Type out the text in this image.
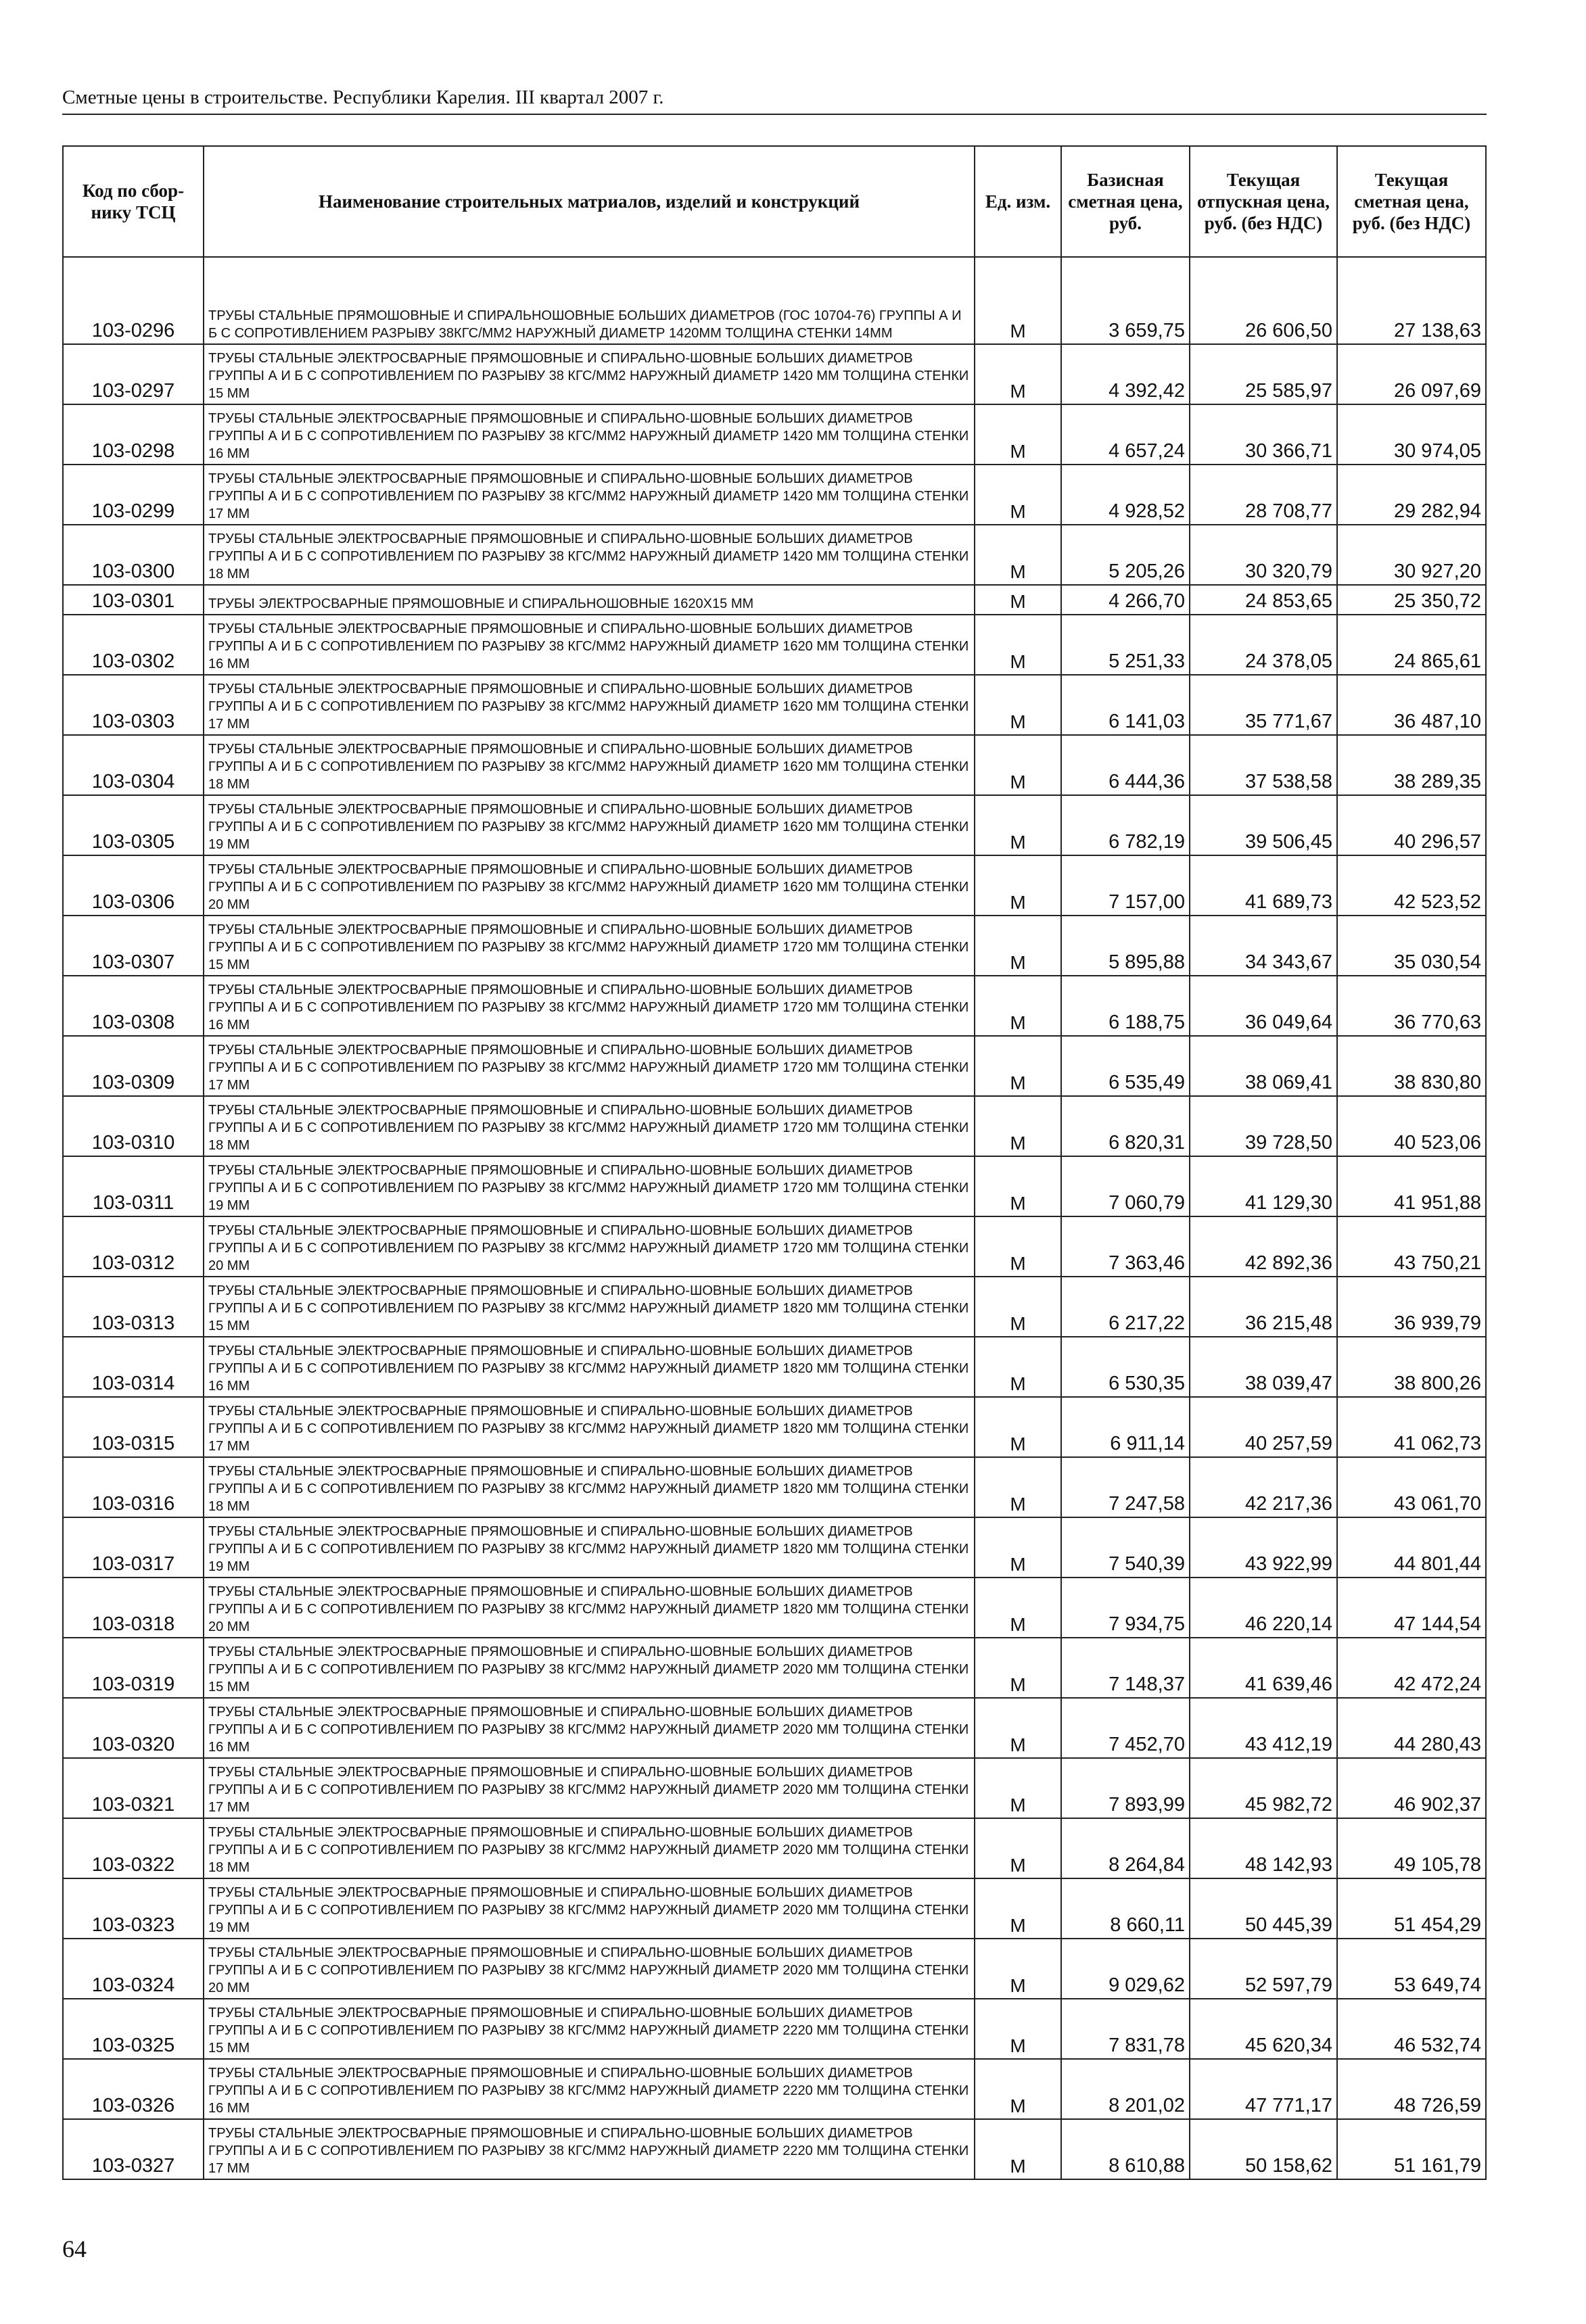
Сметные цены в строительстве. Республики Карелия. III квартал 2007 г.
Код по сбор-нику ТСЦ	Наименование строительных матриалов, изделий и конструкций	Ед. изм.	Базисная сметная цена, руб.	Текущая отпускная цена, руб. (без НДС)	Текущая сметная цена, руб. (без НДС)
103-0296	ТРУБЫ СТАЛЬНЫЕ ПРЯМОШОВНЫЕ И СПИРАЛЬНОШОВНЫЕ БОЛЬШИХ ДИАМЕТРОВ (ГОС 10704-76) ГРУППЫ А И Б С СОПРОТИВЛЕНИЕМ РАЗРЫВУ 38КГС/ММ2 НАРУЖНЫЙ ДИАМЕТР 1420ММ ТОЛЩИНА СТЕНКИ 14ММ	М	3 659,75	26 606,50	27 138,63
103-0297	ТРУБЫ СТАЛЬНЫЕ ЭЛЕКТРОСВАРНЫЕ ПРЯМОШОВНЫЕ И СПИРАЛЬНО-ШОВНЫЕ БОЛЬШИХ ДИАМЕТРОВ ГРУППЫ А И Б С СОПРОТИВЛЕНИЕМ ПО РАЗРЫВУ 38 КГС/ММ2 НАРУЖНЫЙ ДИАМЕТР 1420 ММ ТОЛЩИНА СТЕНКИ 15 ММ	М	4 392,42	25 585,97	26 097,69
103-0298	ТРУБЫ СТАЛЬНЫЕ ЭЛЕКТРОСВАРНЫЕ ПРЯМОШОВНЫЕ И СПИРАЛЬНО-ШОВНЫЕ БОЛЬШИХ ДИАМЕТРОВ ГРУППЫ А И Б С СОПРОТИВЛЕНИЕМ ПО РАЗРЫВУ 38 КГС/ММ2 НАРУЖНЫЙ ДИАМЕТР 1420 ММ ТОЛЩИНА СТЕНКИ 16 ММ	М	4 657,24	30 366,71	30 974,05
103-0299	ТРУБЫ СТАЛЬНЫЕ ЭЛЕКТРОСВАРНЫЕ ПРЯМОШОВНЫЕ И СПИРАЛЬНО-ШОВНЫЕ БОЛЬШИХ ДИАМЕТРОВ ГРУППЫ А И Б С СОПРОТИВЛЕНИЕМ ПО РАЗРЫВУ 38 КГС/ММ2 НАРУЖНЫЙ ДИАМЕТР 1420 ММ ТОЛЩИНА СТЕНКИ 17 ММ	М	4 928,52	28 708,77	29 282,94
103-0300	ТРУБЫ СТАЛЬНЫЕ ЭЛЕКТРОСВАРНЫЕ ПРЯМОШОВНЫЕ И СПИРАЛЬНО-ШОВНЫЕ БОЛЬШИХ ДИАМЕТРОВ ГРУППЫ А И Б С СОПРОТИВЛЕНИЕМ ПО РАЗРЫВУ 38 КГС/ММ2 НАРУЖНЫЙ ДИАМЕТР 1420 ММ ТОЛЩИНА СТЕНКИ 18 ММ	М	5 205,26	30 320,79	30 927,20
103-0301	ТРУБЫ ЭЛЕКТРОСВАРНЫЕ ПРЯМОШОВНЫЕ И СПИРАЛЬНОШОВНЫЕ 1620Х15 ММ	М	4 266,70	24 853,65	25 350,72
103-0302	ТРУБЫ СТАЛЬНЫЕ ЭЛЕКТРОСВАРНЫЕ ПРЯМОШОВНЫЕ И СПИРАЛЬНО-ШОВНЫЕ БОЛЬШИХ ДИАМЕТРОВ ГРУППЫ А И Б С СОПРОТИВЛЕНИЕМ ПО РАЗРЫВУ 38 КГС/ММ2 НАРУЖНЫЙ ДИАМЕТР 1620 ММ ТОЛЩИНА СТЕНКИ 16 ММ	М	5 251,33	24 378,05	24 865,61
103-0303	ТРУБЫ СТАЛЬНЫЕ ЭЛЕКТРОСВАРНЫЕ ПРЯМОШОВНЫЕ И СПИРАЛЬНО-ШОВНЫЕ БОЛЬШИХ ДИАМЕТРОВ ГРУППЫ А И Б С СОПРОТИВЛЕНИЕМ ПО РАЗРЫВУ 38 КГС/ММ2 НАРУЖНЫЙ ДИАМЕТР 1620 ММ ТОЛЩИНА СТЕНКИ 17 ММ	М	6 141,03	35 771,67	36 487,10
103-0304	ТРУБЫ СТАЛЬНЫЕ ЭЛЕКТРОСВАРНЫЕ ПРЯМОШОВНЫЕ И СПИРАЛЬНО-ШОВНЫЕ БОЛЬШИХ ДИАМЕТРОВ ГРУППЫ А И Б С СОПРОТИВЛЕНИЕМ ПО РАЗРЫВУ 38 КГС/ММ2 НАРУЖНЫЙ ДИАМЕТР 1620 ММ ТОЛЩИНА СТЕНКИ 18 ММ	М	6 444,36	37 538,58	38 289,35
103-0305	ТРУБЫ СТАЛЬНЫЕ ЭЛЕКТРОСВАРНЫЕ ПРЯМОШОВНЫЕ И СПИРАЛЬНО-ШОВНЫЕ БОЛЬШИХ ДИАМЕТРОВ ГРУППЫ А И Б С СОПРОТИВЛЕНИЕМ ПО РАЗРЫВУ 38 КГС/ММ2 НАРУЖНЫЙ ДИАМЕТР 1620 ММ ТОЛЩИНА СТЕНКИ 19 ММ	М	6 782,19	39 506,45	40 296,57
103-0306	ТРУБЫ СТАЛЬНЫЕ ЭЛЕКТРОСВАРНЫЕ ПРЯМОШОВНЫЕ И СПИРАЛЬНО-ШОВНЫЕ БОЛЬШИХ ДИАМЕТРОВ ГРУППЫ А И Б С СОПРОТИВЛЕНИЕМ ПО РАЗРЫВУ 38 КГС/ММ2 НАРУЖНЫЙ ДИАМЕТР 1620 ММ ТОЛЩИНА СТЕНКИ 20 ММ	М	7 157,00	41 689,73	42 523,52
103-0307	ТРУБЫ СТАЛЬНЫЕ ЭЛЕКТРОСВАРНЫЕ ПРЯМОШОВНЫЕ И СПИРАЛЬНО-ШОВНЫЕ БОЛЬШИХ ДИАМЕТРОВ ГРУППЫ А И Б С СОПРОТИВЛЕНИЕМ ПО РАЗРЫВУ 38 КГС/ММ2 НАРУЖНЫЙ ДИАМЕТР 1720 ММ ТОЛЩИНА СТЕНКИ 15 ММ	М	5 895,88	34 343,67	35 030,54
103-0308	ТРУБЫ СТАЛЬНЫЕ ЭЛЕКТРОСВАРНЫЕ ПРЯМОШОВНЫЕ И СПИРАЛЬНО-ШОВНЫЕ БОЛЬШИХ ДИАМЕТРОВ ГРУППЫ А И Б С СОПРОТИВЛЕНИЕМ ПО РАЗРЫВУ 38 КГС/ММ2 НАРУЖНЫЙ ДИАМЕТР 1720 ММ ТОЛЩИНА СТЕНКИ 16 ММ	М	6 188,75	36 049,64	36 770,63
103-0309	ТРУБЫ СТАЛЬНЫЕ ЭЛЕКТРОСВАРНЫЕ ПРЯМОШОВНЫЕ И СПИРАЛЬНО-ШОВНЫЕ БОЛЬШИХ ДИАМЕТРОВ ГРУППЫ А И Б С СОПРОТИВЛЕНИЕМ ПО РАЗРЫВУ 38 КГС/ММ2 НАРУЖНЫЙ ДИАМЕТР 1720 ММ ТОЛЩИНА СТЕНКИ 17 ММ	М	6 535,49	38 069,41	38 830,80
103-0310	ТРУБЫ СТАЛЬНЫЕ ЭЛЕКТРОСВАРНЫЕ ПРЯМОШОВНЫЕ И СПИРАЛЬНО-ШОВНЫЕ БОЛЬШИХ ДИАМЕТРОВ ГРУППЫ А И Б С СОПРОТИВЛЕНИЕМ ПО РАЗРЫВУ 38 КГС/ММ2 НАРУЖНЫЙ ДИАМЕТР 1720 ММ ТОЛЩИНА СТЕНКИ 18 ММ	М	6 820,31	39 728,50	40 523,06
103-0311	ТРУБЫ СТАЛЬНЫЕ ЭЛЕКТРОСВАРНЫЕ ПРЯМОШОВНЫЕ И СПИРАЛЬНО-ШОВНЫЕ БОЛЬШИХ ДИАМЕТРОВ ГРУППЫ А И Б С СОПРОТИВЛЕНИЕМ ПО РАЗРЫВУ 38 КГС/ММ2 НАРУЖНЫЙ ДИАМЕТР 1720 ММ ТОЛЩИНА СТЕНКИ 19 ММ	М	7 060,79	41 129,30	41 951,88
103-0312	ТРУБЫ СТАЛЬНЫЕ ЭЛЕКТРОСВАРНЫЕ ПРЯМОШОВНЫЕ И СПИРАЛЬНО-ШОВНЫЕ БОЛЬШИХ ДИАМЕТРОВ ГРУППЫ А И Б С СОПРОТИВЛЕНИЕМ ПО РАЗРЫВУ 38 КГС/ММ2 НАРУЖНЫЙ ДИАМЕТР 1720 ММ ТОЛЩИНА СТЕНКИ 20 ММ	М	7 363,46	42 892,36	43 750,21
103-0313	ТРУБЫ СТАЛЬНЫЕ ЭЛЕКТРОСВАРНЫЕ ПРЯМОШОВНЫЕ И СПИРАЛЬНО-ШОВНЫЕ БОЛЬШИХ ДИАМЕТРОВ ГРУППЫ А И Б С СОПРОТИВЛЕНИЕМ ПО РАЗРЫВУ 38 КГС/ММ2 НАРУЖНЫЙ ДИАМЕТР 1820 ММ ТОЛЩИНА СТЕНКИ 15 ММ	М	6 217,22	36 215,48	36 939,79
103-0314	ТРУБЫ СТАЛЬНЫЕ ЭЛЕКТРОСВАРНЫЕ ПРЯМОШОВНЫЕ И СПИРАЛЬНО-ШОВНЫЕ БОЛЬШИХ ДИАМЕТРОВ ГРУППЫ А И Б С СОПРОТИВЛЕНИЕМ ПО РАЗРЫВУ 38 КГС/ММ2 НАРУЖНЫЙ ДИАМЕТР 1820 ММ ТОЛЩИНА СТЕНКИ 16 ММ	М	6 530,35	38 039,47	38 800,26
103-0315	ТРУБЫ СТАЛЬНЫЕ ЭЛЕКТРОСВАРНЫЕ ПРЯМОШОВНЫЕ И СПИРАЛЬНО-ШОВНЫЕ БОЛЬШИХ ДИАМЕТРОВ ГРУППЫ А И Б С СОПРОТИВЛЕНИЕМ ПО РАЗРЫВУ 38 КГС/ММ2 НАРУЖНЫЙ ДИАМЕТР 1820 ММ ТОЛЩИНА СТЕНКИ 17 ММ	М	6 911,14	40 257,59	41 062,73
103-0316	ТРУБЫ СТАЛЬНЫЕ ЭЛЕКТРОСВАРНЫЕ ПРЯМОШОВНЫЕ И СПИРАЛЬНО-ШОВНЫЕ БОЛЬШИХ ДИАМЕТРОВ ГРУППЫ А И Б С СОПРОТИВЛЕНИЕМ ПО РАЗРЫВУ 38 КГС/ММ2 НАРУЖНЫЙ ДИАМЕТР 1820 ММ ТОЛЩИНА СТЕНКИ 18 ММ	М	7 247,58	42 217,36	43 061,70
103-0317	ТРУБЫ СТАЛЬНЫЕ ЭЛЕКТРОСВАРНЫЕ ПРЯМОШОВНЫЕ И СПИРАЛЬНО-ШОВНЫЕ БОЛЬШИХ ДИАМЕТРОВ ГРУППЫ А И Б С СОПРОТИВЛЕНИЕМ ПО РАЗРЫВУ 38 КГС/ММ2 НАРУЖНЫЙ ДИАМЕТР 1820 ММ ТОЛЩИНА СТЕНКИ 19 ММ	М	7 540,39	43 922,99	44 801,44
103-0318	ТРУБЫ СТАЛЬНЫЕ ЭЛЕКТРОСВАРНЫЕ ПРЯМОШОВНЫЕ И СПИРАЛЬНО-ШОВНЫЕ БОЛЬШИХ ДИАМЕТРОВ ГРУППЫ А И Б С СОПРОТИВЛЕНИЕМ ПО РАЗРЫВУ 38 КГС/ММ2 НАРУЖНЫЙ ДИАМЕТР 1820 ММ ТОЛЩИНА СТЕНКИ 20 ММ	М	7 934,75	46 220,14	47 144,54
103-0319	ТРУБЫ СТАЛЬНЫЕ ЭЛЕКТРОСВАРНЫЕ ПРЯМОШОВНЫЕ И СПИРАЛЬНО-ШОВНЫЕ БОЛЬШИХ ДИАМЕТРОВ ГРУППЫ А И Б С СОПРОТИВЛЕНИЕМ ПО РАЗРЫВУ 38 КГС/ММ2 НАРУЖНЫЙ ДИАМЕТР 2020 ММ ТОЛЩИНА СТЕНКИ 15 ММ	М	7 148,37	41 639,46	42 472,24
103-0320	ТРУБЫ СТАЛЬНЫЕ ЭЛЕКТРОСВАРНЫЕ ПРЯМОШОВНЫЕ И СПИРАЛЬНО-ШОВНЫЕ БОЛЬШИХ ДИАМЕТРОВ ГРУППЫ А И Б С СОПРОТИВЛЕНИЕМ ПО РАЗРЫВУ 38 КГС/ММ2 НАРУЖНЫЙ ДИАМЕТР 2020 ММ ТОЛЩИНА СТЕНКИ 16 ММ	М	7 452,70	43 412,19	44 280,43
103-0321	ТРУБЫ СТАЛЬНЫЕ ЭЛЕКТРОСВАРНЫЕ ПРЯМОШОВНЫЕ И СПИРАЛЬНО-ШОВНЫЕ БОЛЬШИХ ДИАМЕТРОВ ГРУППЫ А И Б С СОПРОТИВЛЕНИЕМ ПО РАЗРЫВУ 38 КГС/ММ2 НАРУЖНЫЙ ДИАМЕТР 2020 ММ ТОЛЩИНА СТЕНКИ 17 ММ	М	7 893,99	45 982,72	46 902,37
103-0322	ТРУБЫ СТАЛЬНЫЕ ЭЛЕКТРОСВАРНЫЕ ПРЯМОШОВНЫЕ И СПИРАЛЬНО-ШОВНЫЕ БОЛЬШИХ ДИАМЕТРОВ ГРУППЫ А И Б С СОПРОТИВЛЕНИЕМ ПО РАЗРЫВУ 38 КГС/ММ2 НАРУЖНЫЙ ДИАМЕТР 2020 ММ ТОЛЩИНА СТЕНКИ 18 ММ	М	8 264,84	48 142,93	49 105,78
103-0323	ТРУБЫ СТАЛЬНЫЕ ЭЛЕКТРОСВАРНЫЕ ПРЯМОШОВНЫЕ И СПИРАЛЬНО-ШОВНЫЕ БОЛЬШИХ ДИАМЕТРОВ ГРУППЫ А И Б С СОПРОТИВЛЕНИЕМ ПО РАЗРЫВУ 38 КГС/ММ2 НАРУЖНЫЙ ДИАМЕТР 2020 ММ ТОЛЩИНА СТЕНКИ 19 ММ	М	8 660,11	50 445,39	51 454,29
103-0324	ТРУБЫ СТАЛЬНЫЕ ЭЛЕКТРОСВАРНЫЕ ПРЯМОШОВНЫЕ И СПИРАЛЬНО-ШОВНЫЕ БОЛЬШИХ ДИАМЕТРОВ ГРУППЫ А И Б С СОПРОТИВЛЕНИЕМ ПО РАЗРЫВУ 38 КГС/ММ2 НАРУЖНЫЙ ДИАМЕТР 2020 ММ ТОЛЩИНА СТЕНКИ 20 ММ	М	9 029,62	52 597,79	53 649,74
103-0325	ТРУБЫ СТАЛЬНЫЕ ЭЛЕКТРОСВАРНЫЕ ПРЯМОШОВНЫЕ И СПИРАЛЬНО-ШОВНЫЕ БОЛЬШИХ ДИАМЕТРОВ ГРУППЫ А И Б С СОПРОТИВЛЕНИЕМ ПО РАЗРЫВУ 38 КГС/ММ2 НАРУЖНЫЙ ДИАМЕТР 2220 ММ ТОЛЩИНА СТЕНКИ 15 ММ	М	7 831,78	45 620,34	46 532,74
103-0326	ТРУБЫ СТАЛЬНЫЕ ЭЛЕКТРОСВАРНЫЕ ПРЯМОШОВНЫЕ И СПИРАЛЬНО-ШОВНЫЕ БОЛЬШИХ ДИАМЕТРОВ ГРУППЫ А И Б С СОПРОТИВЛЕНИЕМ ПО РАЗРЫВУ 38 КГС/ММ2 НАРУЖНЫЙ ДИАМЕТР 2220 ММ ТОЛЩИНА СТЕНКИ 16 ММ	М	8 201,02	47 771,17	48 726,59
103-0327	ТРУБЫ СТАЛЬНЫЕ ЭЛЕКТРОСВАРНЫЕ ПРЯМОШОВНЫЕ И СПИРАЛЬНО-ШОВНЫЕ БОЛЬШИХ ДИАМЕТРОВ ГРУППЫ А И Б С СОПРОТИВЛЕНИЕМ ПО РАЗРЫВУ 38 КГС/ММ2 НАРУЖНЫЙ ДИАМЕТР 2220 ММ ТОЛЩИНА СТЕНКИ 17 ММ	М	8 610,88	50 158,62	51 161,79
64
